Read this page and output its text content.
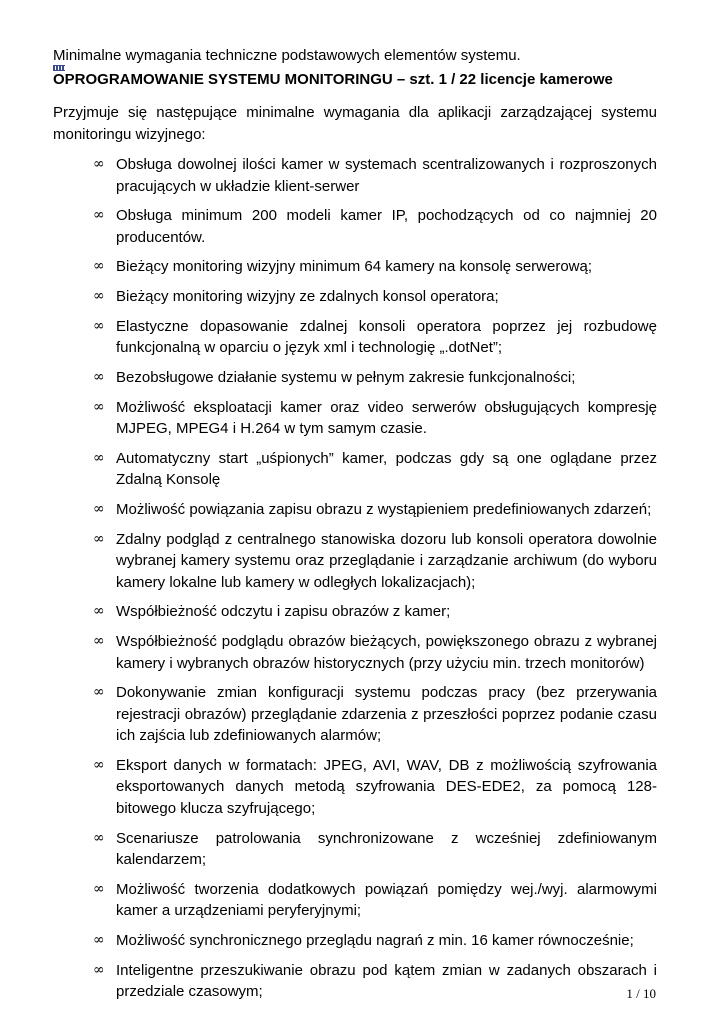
Minimalne wymagania techniczne podstawowych elementów systemu.

OPROGRAMOWANIE SYSTEMU MONITORINGU – szt. 1 / 22 licencje kamerowe

Przyjmuje się następujące minimalne wymagania dla aplikacji zarządzającej systemu monitoringu wizyjnego:

∞ Obsługa dowolnej ilości kamer w systemach scentralizowanych i rozproszonych pracujących w układzie klient-serwer
∞ Obsługa minimum 200 modeli kamer IP, pochodzących od co najmniej 20 producentów.
∞ Bieżący monitoring wizyjny minimum 64 kamery na konsolę serwerową;
∞ Bieżący monitoring wizyjny ze zdalnych konsol operatora;
∞ Elastyczne dopasowanie zdalnej konsoli operatora poprzez jej rozbudowę funkcjonalną w oparciu o język xml i technologię „.dotNet”;
∞ Bezobsługowe działanie systemu w pełnym zakresie funkcjonalności;
∞ Możliwość eksploatacji kamer oraz video serwerów obsługujących kompresję MJPEG, MPEG4 i H.264 w tym samym czasie.
∞ Automatyczny start „uśpionych” kamer, podczas gdy są one oglądane przez Zdalną Konsolę
∞ Możliwość powiązania zapisu obrazu z wystąpieniem predefiniowanych zdarzeń;
∞ Zdalny podgląd z centralnego stanowiska dozoru lub konsoli operatora dowolnie wybranej kamery systemu oraz przeglądanie i zarządzanie archiwum (do wyboru kamery lokalne lub kamery w odległych lokalizacjach);
∞ Współbieżność odczytu i zapisu obrazów z kamer;
∞ Współbieżność podglądu obrazów bieżących, powiększonego obrazu z wybranej kamery i wybranych obrazów historycznych (przy użyciu min. trzech monitorów)
∞ Dokonywanie zmian konfiguracji systemu podczas pracy (bez przerywania rejestracji obrazów) przeglądanie zdarzenia z przeszłości poprzez podanie czasu ich zajścia lub zdefiniowanych alarmów;
∞ Eksport danych w formatach: JPEG, AVI, WAV, DB z możliwością szyfrowania eksportowanych danych metodą szyfrowania DES-EDE2, za pomocą 128-bitowego klucza szyfrującego;
∞ Scenariusze patrolowania synchronizowane z wcześniej zdefiniowanym kalendarzem;
∞ Możliwość tworzenia dodatkowych powiązań pomiędzy wej./wyj. alarmowymi kamer a urządzeniami peryferyjnymi;
∞ Możliwość synchronicznego przeglądu nagrań z min. 16 kamer równocześnie;
∞ Inteligentne przeszukiwanie obrazu pod kątem zmian w zadanych obszarach i przedziale czasowym;	1 / 10
